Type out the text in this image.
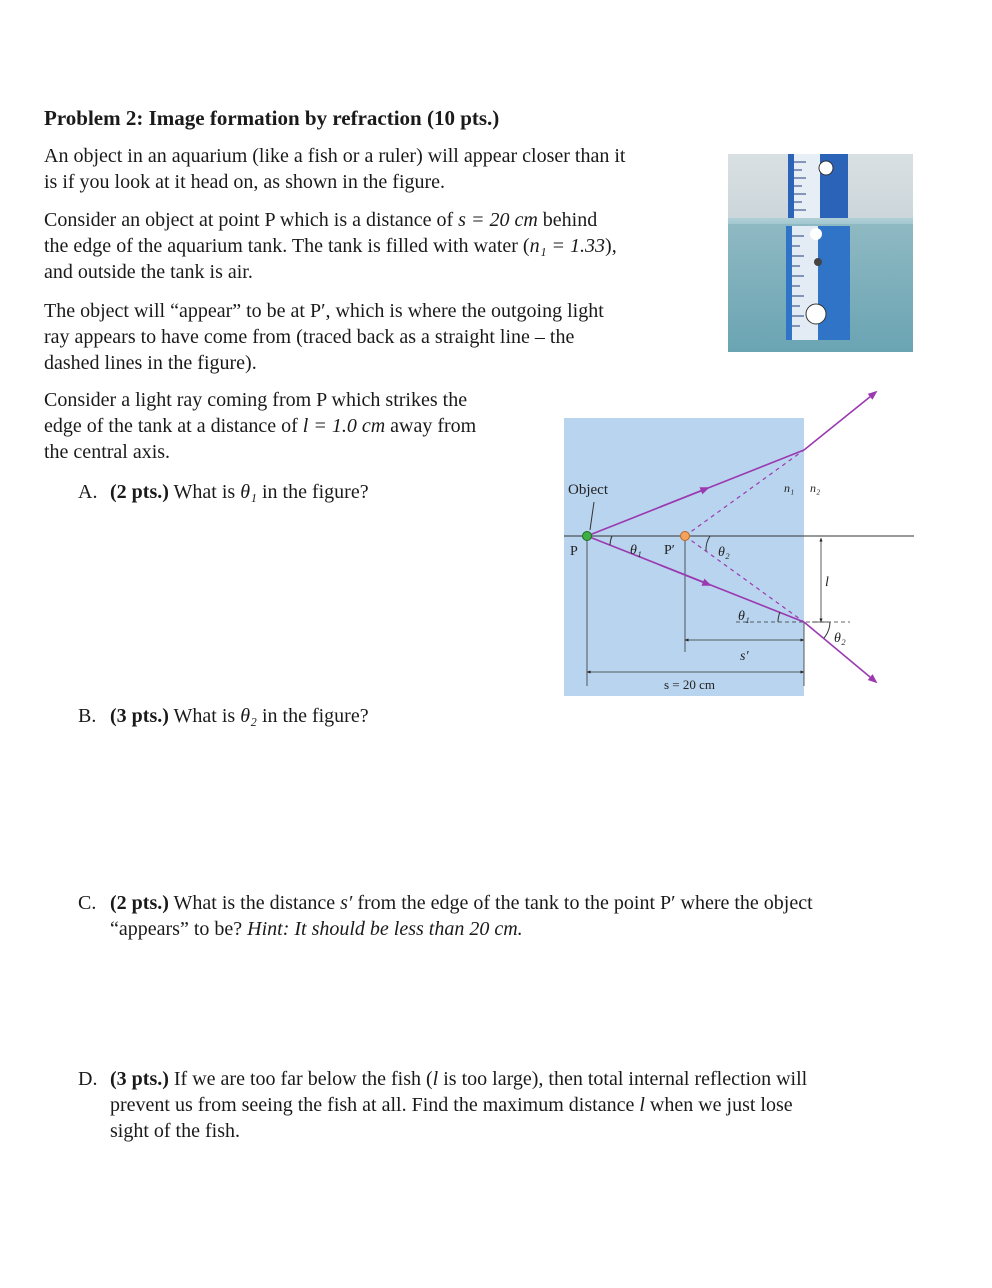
Problem 2: Image formation by refraction (10 pts.)
An object in an aquarium (like a fish or a ruler) will appear closer than it
is if you look at it head on, as shown in the figure.
Consider an object at point P which is a distance of s = 20 cm behind
the edge of the aquarium tank. The tank is filled with water (n₁ = 1.33),
and outside the tank is air.
The object will “appear” to be at P′, which is where the outgoing light
ray appears to have come from (traced back as a straight line – the
dashed lines in the figure).
Consider a light ray coming from P which strikes the
edge of the tank at a distance of l = 1.0 cm away from
the central axis.
A. (2 pts.) What is θ₁ in the figure?
B. (3 pts.) What is θ₂ in the figure?
C. (2 pts.) What is the distance s′ from the edge of the tank to the point P′ where the object
“appears” to be? Hint: It should be less than 20 cm.
D. (3 pts.) If we are too far below the fish (l is too large), then total internal reflection will
prevent us from seeing the fish at all. Find the maximum distance l when we just lose
sight of the fish.
Object
P	θ₁ P′	θ₂
θ₁
θ₂
n₁ n₂
l
s′
s = 20 cm
